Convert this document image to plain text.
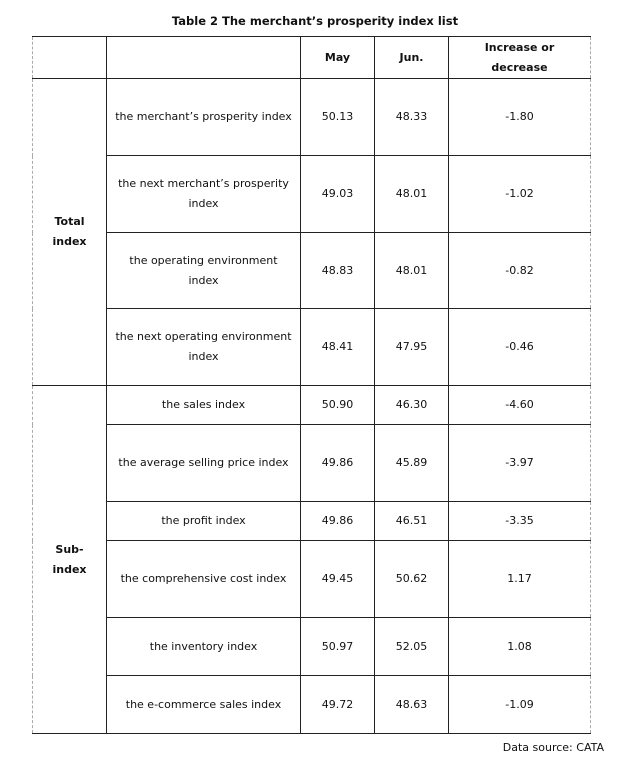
Table 2 The merchant’s prosperity index list
		May	Jun.	Increase or decrease
Total index	the merchant’s prosperity index	50.13	48.33	-1.80
	the next merchant’s prosperity index	49.03	48.01	-1.02
	the operating environment index	48.83	48.01	-0.82
	the next operating environment index	48.41	47.95	-0.46
Sub-index	the sales index	50.90	46.30	-4.60
	the average selling price index	49.86	45.89	-3.97
	the profit index	49.86	46.51	-3.35
	the comprehensive cost index	49.45	50.62	1.17
	the inventory index	50.97	52.05	1.08
	the e-commerce sales index	49.72	48.63	-1.09
Data source: CATA
